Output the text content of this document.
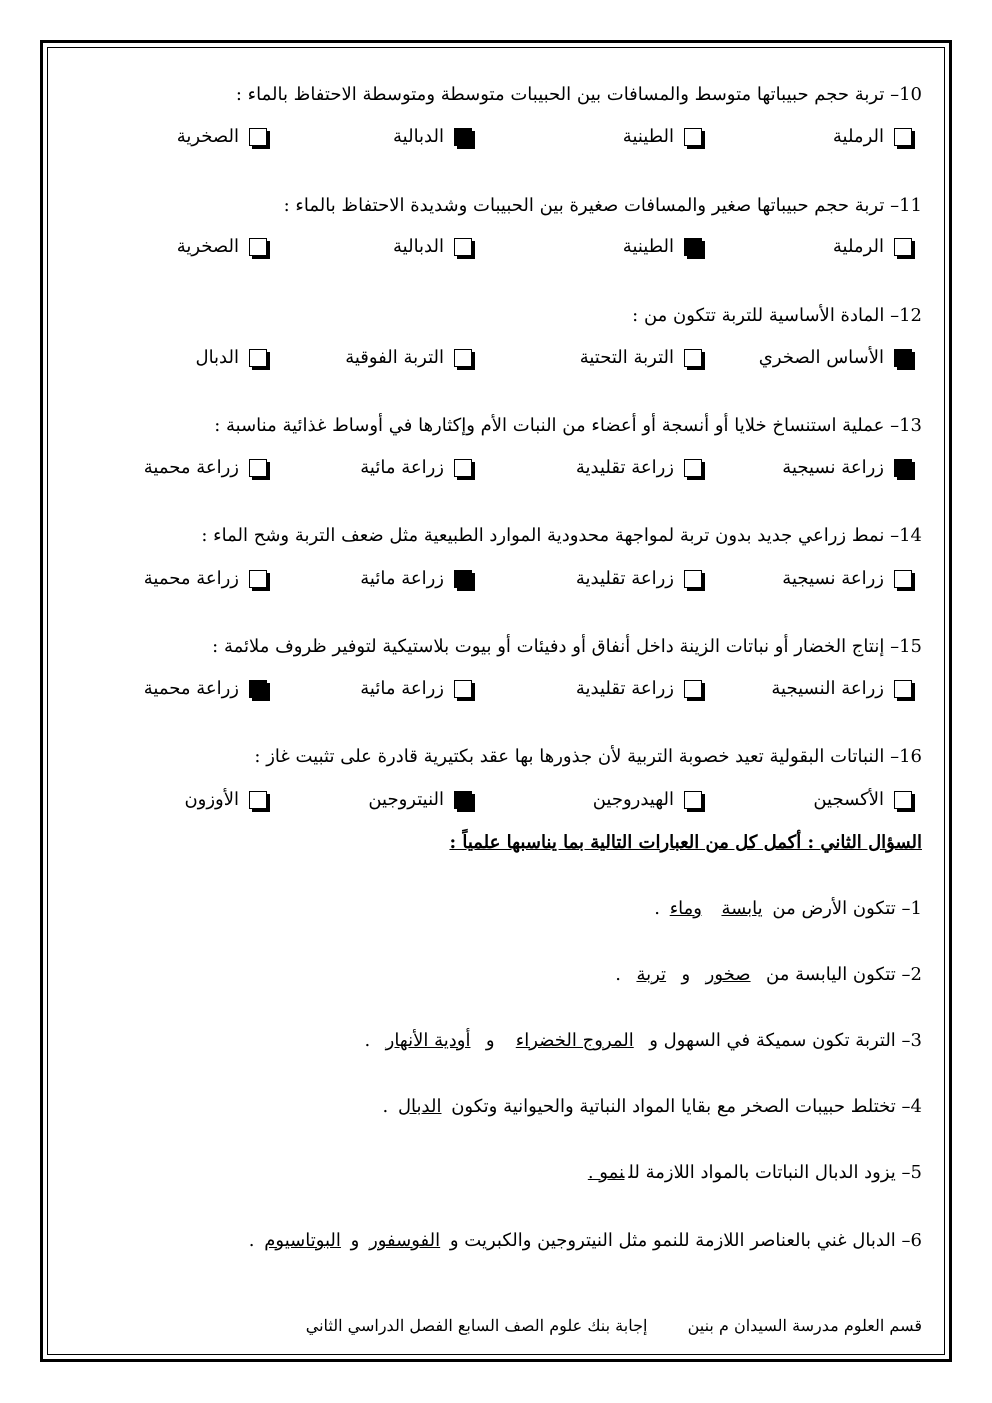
10– تربة حجم حبيباتها متوسط والمسافات بين الحبيبات متوسطة ومتوسطة الاحتفاظ بالماء :
الرملية
الطينية
الدبالية
الصخرية
11– تربة حجم حبيباتها صغير والمسافات صغيرة بين الحبيبات وشديدة الاحتفاظ بالماء :
الرملية
الطينية
الدبالية
الصخرية
12– المادة الأساسية للتربة تتكون من :
الأساس الصخري
التربة التحتية
التربة الفوقية
الدبال
13– عملية استنساخ خلايا أو أنسجة أو أعضاء من النبات الأم وإكثارها في أوساط غذائية مناسبة :
زراعة نسيجية
زراعة تقليدية
زراعة مائية
زراعة محمية
14– نمط زراعي جديد بدون تربة لمواجهة محدودية الموارد الطبيعية مثل ضعف التربة وشح الماء :
زراعة نسيجية
زراعة تقليدية
زراعة مائية
زراعة محمية
15– إنتاج الخضار أو نباتات الزينة داخل أنفاق أو دفيئات أو بيوت بلاستيكية لتوفير ظروف ملائمة :
زراعة النسيجية
زراعة تقليدية
زراعة مائية
زراعة محمية
16– النباتات البقولية تعيد خصوبة التربية لأن جذورها بها عقد بكتيرية قادرة على تثبيت غاز :
الأكسجين
الهيدروجين
النيتروجين
الأوزون
السؤال الثاني : أكمل كل من العبارات التالية بما يناسبها علمياً :
1– تتكون الأرض من يابسة  وماء .
2– تتكون اليابسة من  صخور  و  تربة  .
3– التربة تكون سميكة في السهول و  المروج الخضراء   و  أودية الأنهار  .
4– تختلط حبيبات الصخر مع بقايا المواد النباتية والحيوانية وتكون الدبال .
5– يزود الدبال النباتات بالمواد اللازمة للنمو .
6– الدبال غني بالعناصر اللازمة للنمو مثل النيتروجين والكبريت و الفوسفور و البوتاسيوم .
قسم العلوم مدرسة السيدان م بنين  إجابة بنك علوم الصف السابع الفصل الدراسي الثاني
